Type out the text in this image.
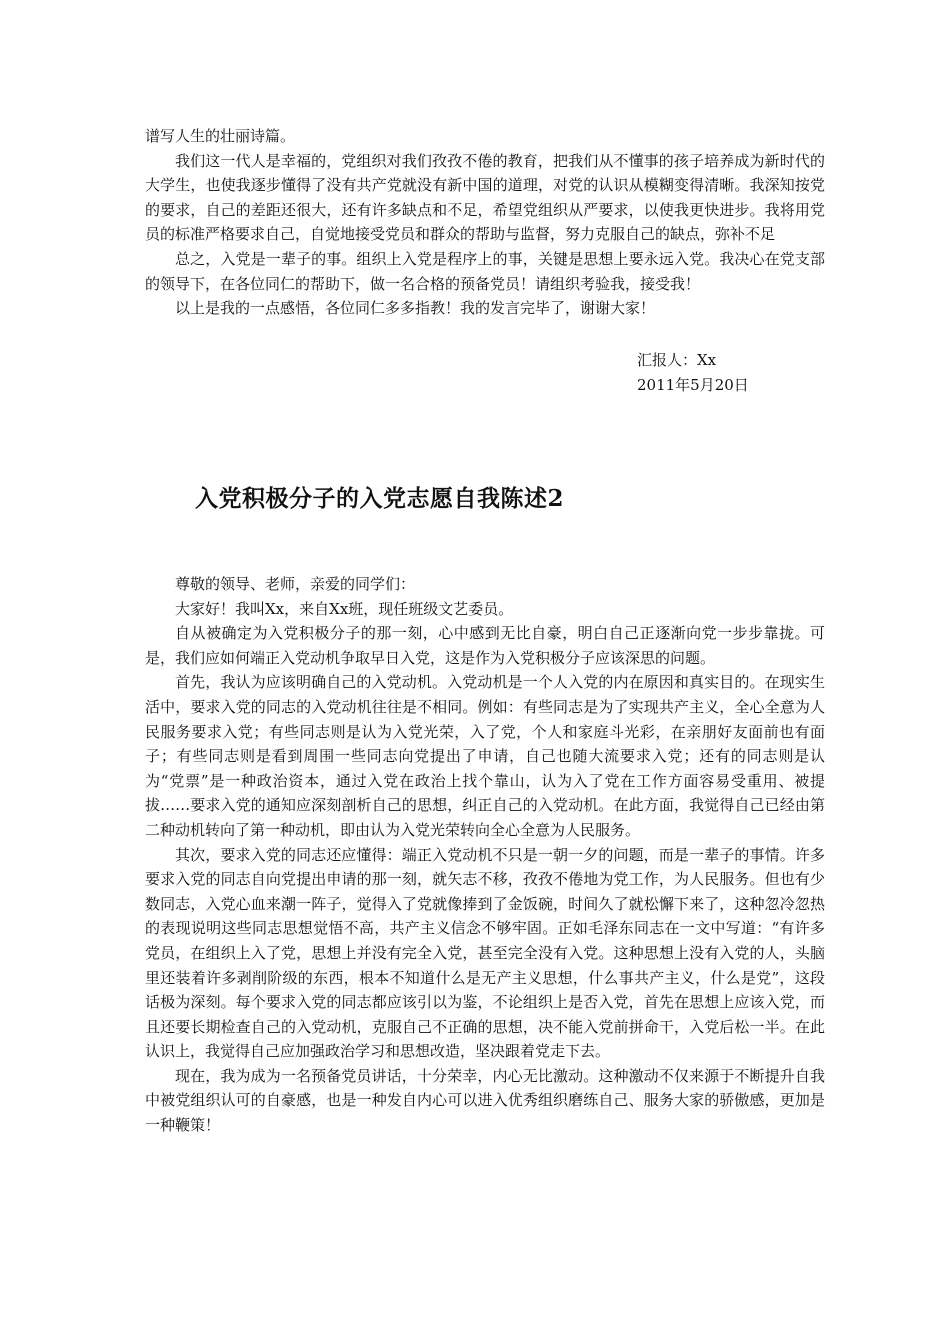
谱写人生的壮丽诗篇。

我们这一代人是幸福的，党组织对我们孜孜不倦的教育，把我们从不懂事的孩子培养成为新时代的大学生，也使我逐步懂得了没有共产党就没有新中国的道理，对党的认识从模糊变得清晰。我深知按党的要求，自己的差距还很大，还有许多缺点和不足，希望党组织从严要求，以使我更快进步。我将用党员的标准严格要求自己，自觉地接受党员和群众的帮助与监督，努力克服自己的缺点，弥补不足

总之，入党是一辈子的事。组织上入党是程序上的事，关键是思想上要永远入党。我决心在党支部的领导下，在各位同仁的帮助下，做一名合格的预备党员！请组织考验我，接受我！

以上是我的一点感悟，各位同仁多多指教！我的发言完毕了，谢谢大家！

汇报人：Xx
2011年5月20日
入党积极分子的入党志愿自我陈述2

尊敬的领导、老师，亲爱的同学们：

大家好！我叫Xx，来自Xx班，现任班级文艺委员。

自从被确定为入党积极分子的那一刻，心中感到无比自豪，明白自己正逐渐向党一步步靠拢。可是，我们应如何端正入党动机争取早日入党，这是作为入党积极分子应该深思的问题。

首先，我认为应该明确自己的入党动机。入党动机是一个人入党的内在原因和真实目的。在现实生活中，要求入党的同志的入党动机往往是不相同。例如：有些同志是为了实现共产主义，全心全意为人民服务要求入党；有些同志则是认为入党光荣，入了党，个人和家庭斗光彩，在亲朋好友面前也有面子；有些同志则是看到周围一些同志向党提出了申请，自己也随大流要求入党；还有的同志则是认为“党票”是一种政治资本，通过入党在政治上找个靠山，认为入了党在工作方面容易受重用、被提拔……要求入党的通知应深刻剖析自己的思想，纠正自己的入党动机。在此方面，我觉得自己已经由第二种动机转向了第一种动机，即由认为入党光荣转向全心全意为人民服务。

其次，要求入党的同志还应懂得：端正入党动机不只是一朝一夕的问题，而是一辈子的事情。许多要求入党的同志自向党提出申请的那一刻，就矢志不移，孜孜不倦地为党工作，为人民服务。但也有少数同志，入党心血来潮一阵子，觉得入了党就像捧到了金饭碗，时间久了就松懈下来了，这种忽冷忽热的表现说明这些同志思想觉悟不高，共产主义信念不够牢固。正如毛泽东同志在一文中写道：“有许多党员，在组织上入了党，思想上并没有完全入党，甚至完全没有入党。这种思想上没有入党的人，头脑里还装着许多剥削阶级的东西，根本不知道什么是无产主义思想，什么事共产主义，什么是党”，这段话极为深刻。每个要求入党的同志都应该引以为鉴，不论组织上是否入党，首先在思想上应该入党，而且还要长期检查自己的入党动机，克服自己不正确的思想，决不能入党前拼命干，入党后松一半。在此认识上，我觉得自己应加强政治学习和思想改造，坚决跟着党走下去。

现在，我为成为一名预备党员讲话，十分荣幸，内心无比激动。这种激动不仅来源于不断提升自我中被党组织认可的自豪感，也是一种发自内心可以进入优秀组织磨练自己、服务大家的骄傲感，更加是一种鞭策！
